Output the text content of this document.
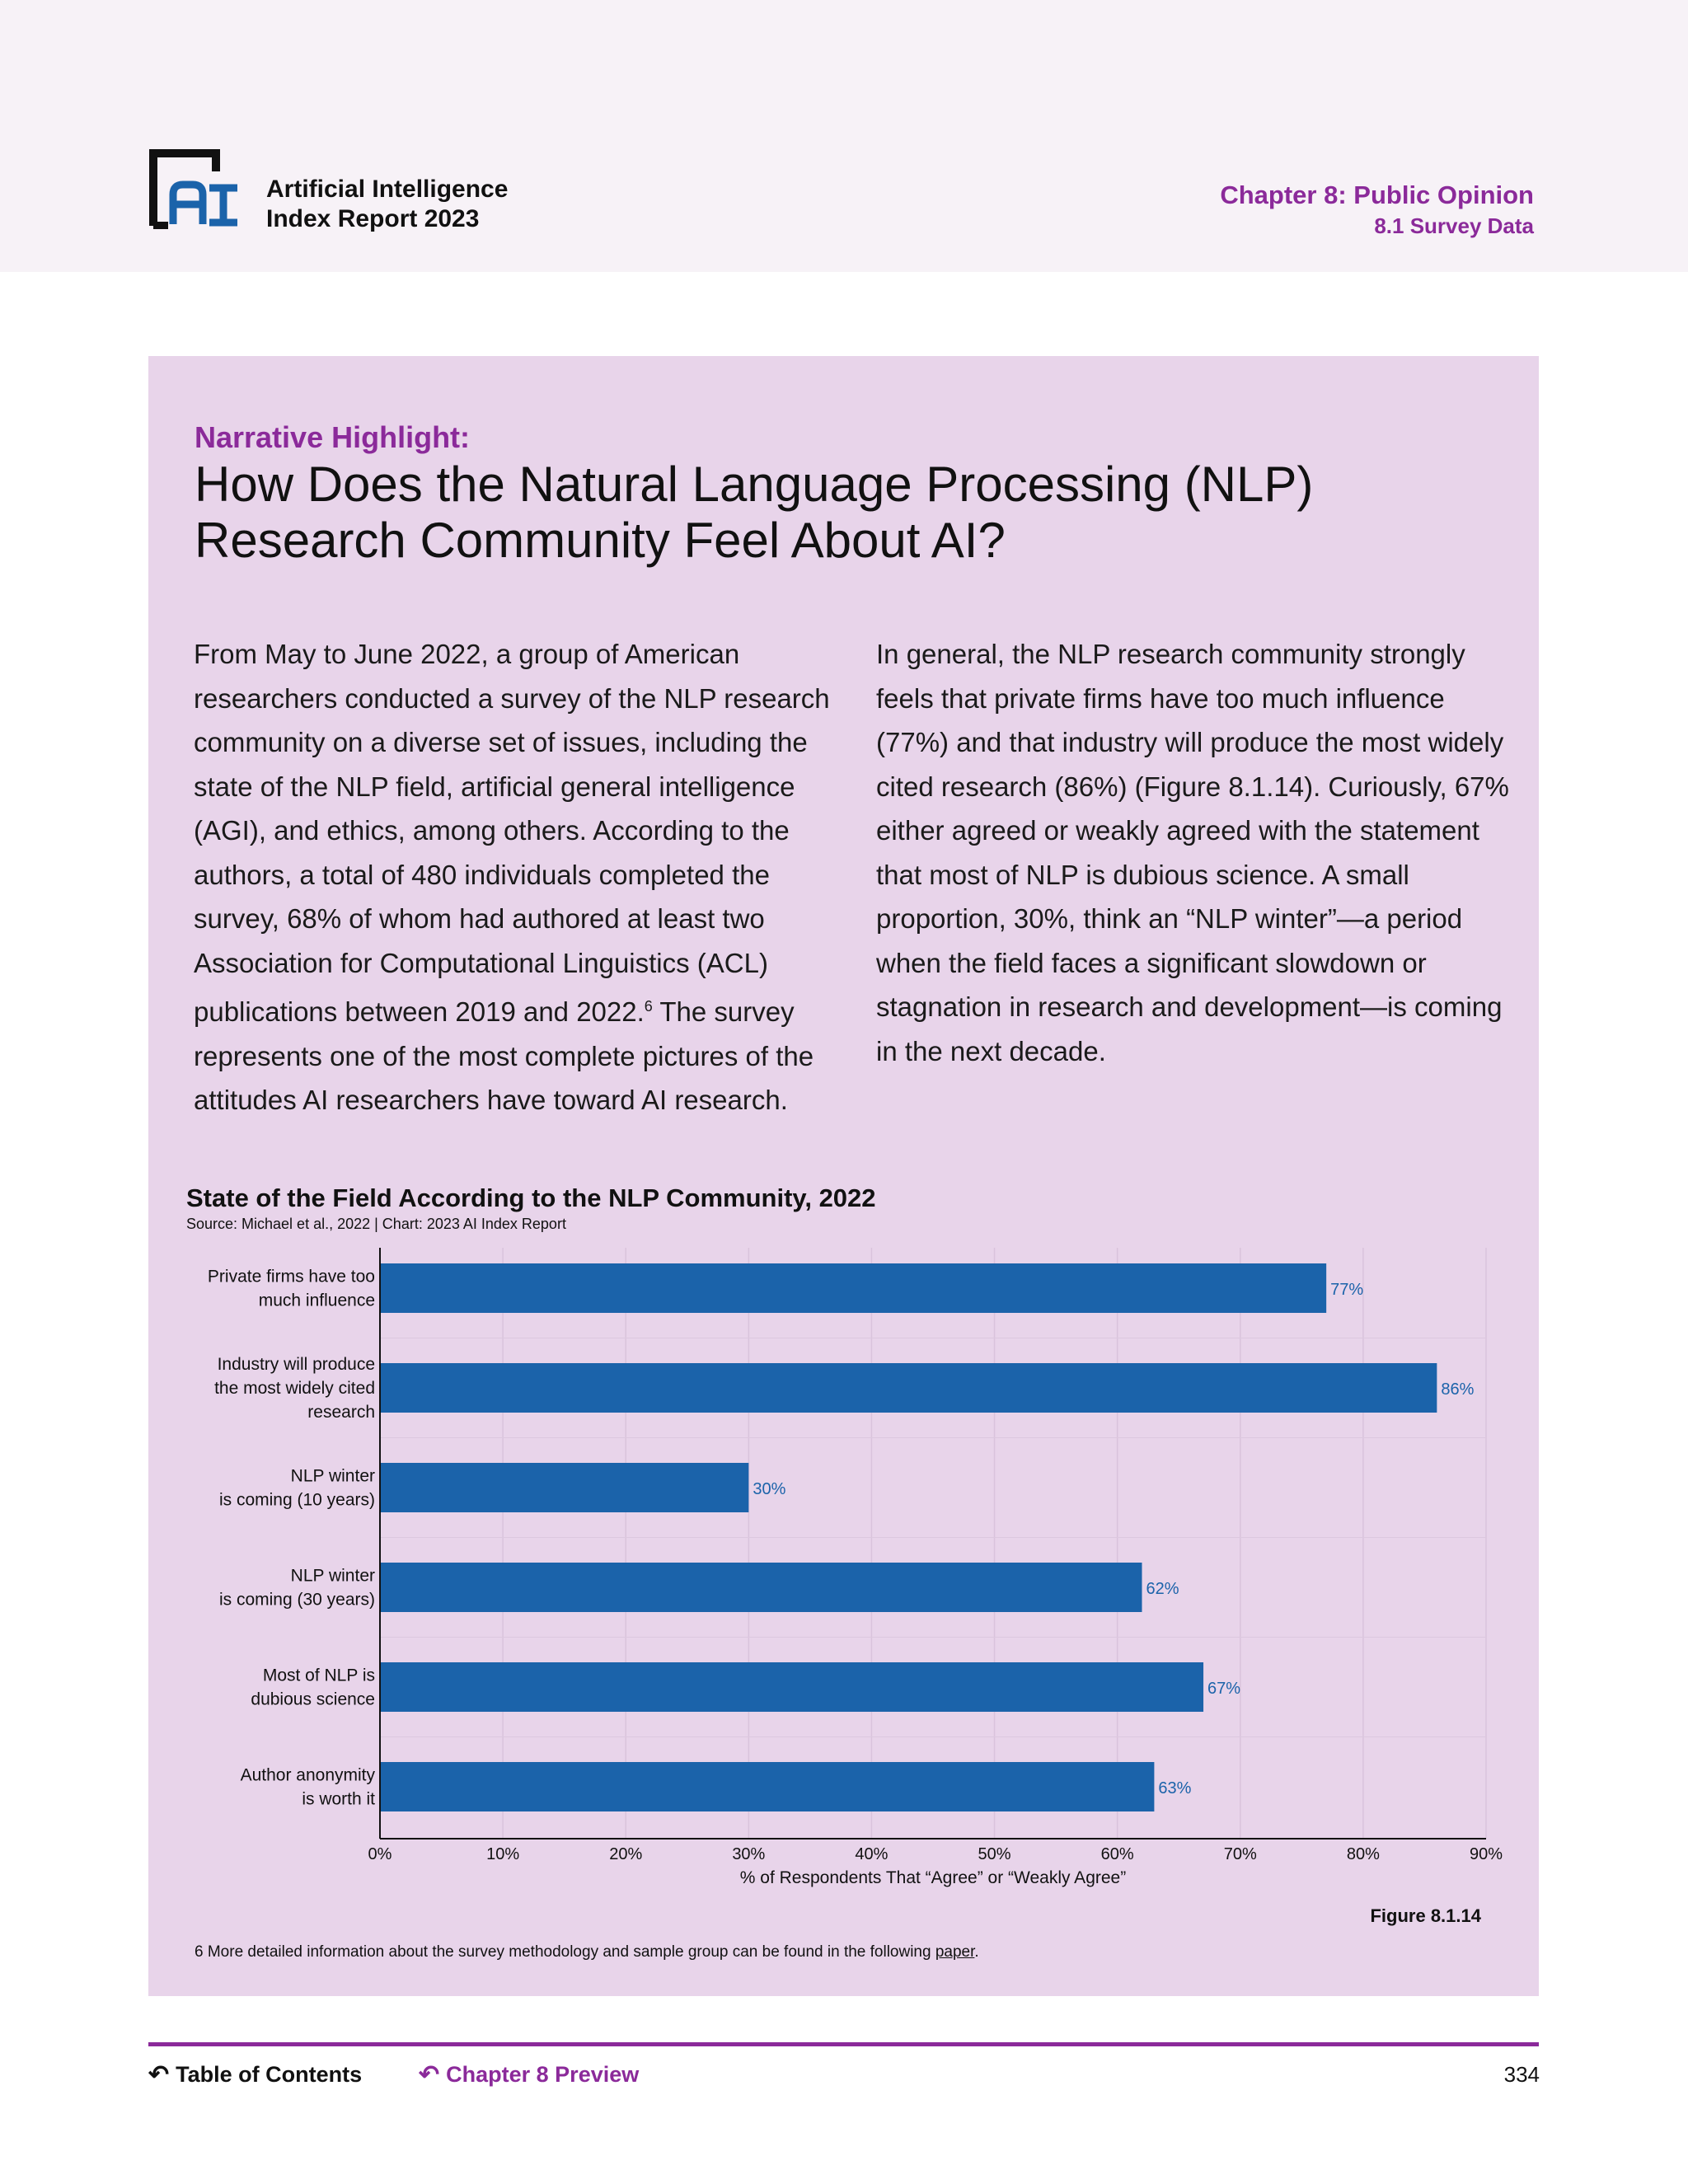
Artificial Intelligence
Index Report 2023
Chapter 8: Public Opinion
8.1 Survey Data
Narrative Highlight:
How Does the Natural Language Processing (NLP)
Research Community Feel About AI?
From May to June 2022, a group of American researchers conducted a survey of the NLP research community on a diverse set of issues, including the state of the NLP field, artificial general intelligence (AGI), and ethics, among others. According to the authors, a total of 480 individuals completed the survey, 68% of whom had authored at least two Association for Computational Linguistics (ACL) publications between 2019 and 2022.$^6$ The survey represents one of the most complete pictures of the attitudes AI researchers have toward AI research.
In general, the NLP research community strongly feels that private firms have too much influence (77%) and that industry will produce the most widely cited research (86%) (Figure 8.1.14). Curiously, 67% either agreed or weakly agreed with the statement that most of NLP is dubious science. A small proportion, 30%, think an “NLP winter”—a period when the field faces a significant slowdown or stagnation in research and development—is coming in the next decade.
State of the Field According to the NLP Community, 2022
Source: Michael et al., 2022 | Chart: 2023 AI Index Report
0%	10%	20%	30%	40%	50%	60%	70%	80%	90%
77%
Private firms have too
much influence
86%
Industry will produce
the most widely cited
research
30%
NLP winter
is coming (10 years)
62%
NLP winter
is coming (30 years)
67%
Most of NLP is
dubious science
63%
Author anonymity
is worth it
% of Respondents That “Agree” or “Weakly Agree”
Figure 8.1.14
6 More detailed information about the survey methodology and sample group can be found in the following paper.
↶ Table of Contents ↶ Chapter 8 Preview	334
